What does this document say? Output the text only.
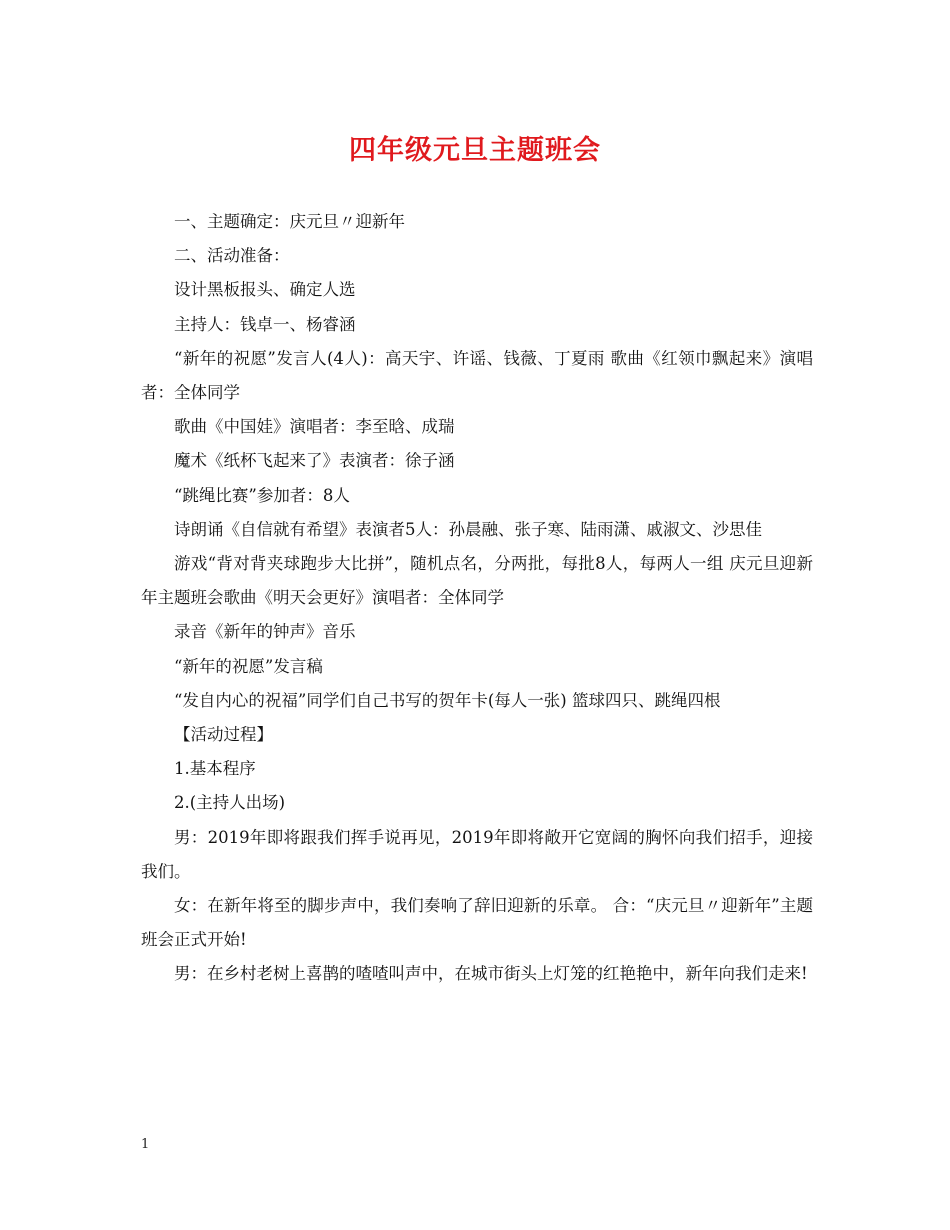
四年级元旦主题班会

一、主题确定：庆元旦〃迎新年

二、活动准备：

设计黑板报头、确定人选

主持人：钱卓一、杨睿涵

“新年的祝愿”发言人(4人)：高天宇、许谣、钱薇、丁夏雨 歌曲《红领巾飘起来》演唱者：全体同学

歌曲《中国娃》演唱者：李至晗、成瑞

魔术《纸杯飞起来了》表演者：徐子涵

“跳绳比赛”参加者：8人

诗朗诵《自信就有希望》表演者5人：孙晨融、张子寒、陆雨潇、戚淑文、沙思佳

游戏“背对背夹球跑步大比拼”，随机点名，分两批，每批8人，每两人一组 庆元旦迎新年主题班会歌曲《明天会更好》演唱者：全体同学

录音《新年的钟声》音乐

“新年的祝愿”发言稿

“发自内心的祝福”同学们自己书写的贺年卡(每人一张) 篮球四只、跳绳四根

【活动过程】

1.基本程序

2.(主持人出场)

男：2019年即将跟我们挥手说再见，2019年即将敞开它宽阔的胸怀向我们招手，迎接我们。

女：在新年将至的脚步声中，我们奏响了辞旧迎新的乐章。 合：“庆元旦〃迎新年”主题班会正式开始!

男：在乡村老树上喜鹊的喳喳叫声中，在城市街头上灯笼的红艳艳中，新年向我们走来!

1
